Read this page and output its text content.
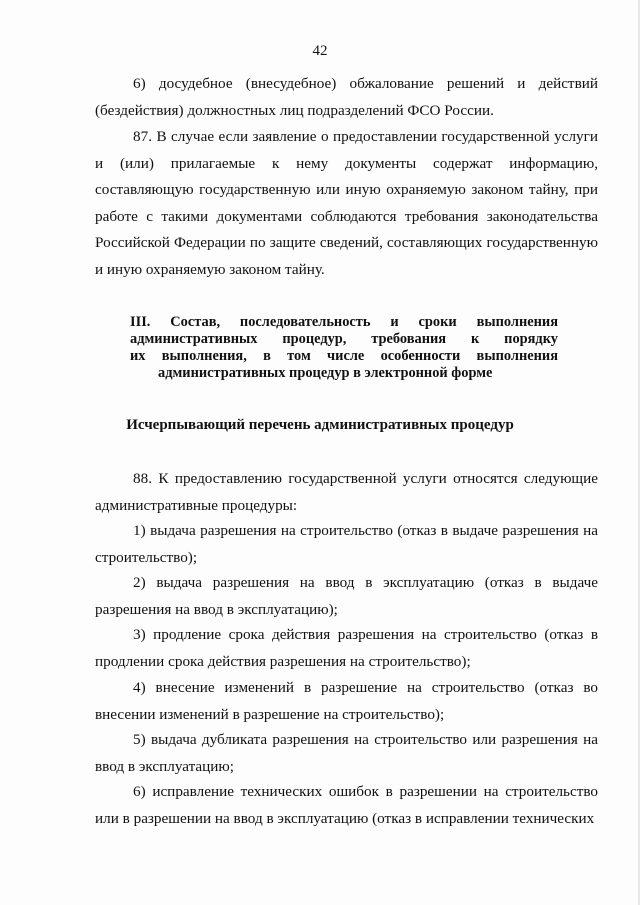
42

6) досудебное (внесудебное) обжалование решений и действий (бездействия) должностных лиц подразделений ФСО России.

87. В случае если заявление о предоставлении государственной услуги и (или) прилагаемые к нему документы содержат информацию, составляющую государственную или иную охраняемую законом тайну, при работе с такими документами соблюдаются требования законодательства Российской Федерации по защите сведений, составляющих государственную и иную охраняемую законом тайну.

III. Состав, последовательность и сроки выполнения
административных процедур, требования к порядку
их выполнения, в том числе особенности выполнения
административных процедур в электронной форме
Исчерпывающий перечень административных процедур

88. К предоставлению государственной услуги относятся следующие административные процедуры:

1) выдача разрешения на строительство (отказ в выдаче разрешения на строительство);

2) выдача разрешения на ввод в эксплуатацию (отказ в выдаче разрешения на ввод в эксплуатацию);

3) продление срока действия разрешения на строительство (отказ в продлении срока действия разрешения на строительство);

4) внесение изменений в разрешение на строительство (отказ во внесении изменений в разрешение на строительство);

5) выдача дубликата разрешения на строительство или разрешения на ввод в эксплуатацию;

6) исправление технических ошибок в разрешении на строительство или в разрешении на ввод в эксплуатацию (отказ в исправлении технических
